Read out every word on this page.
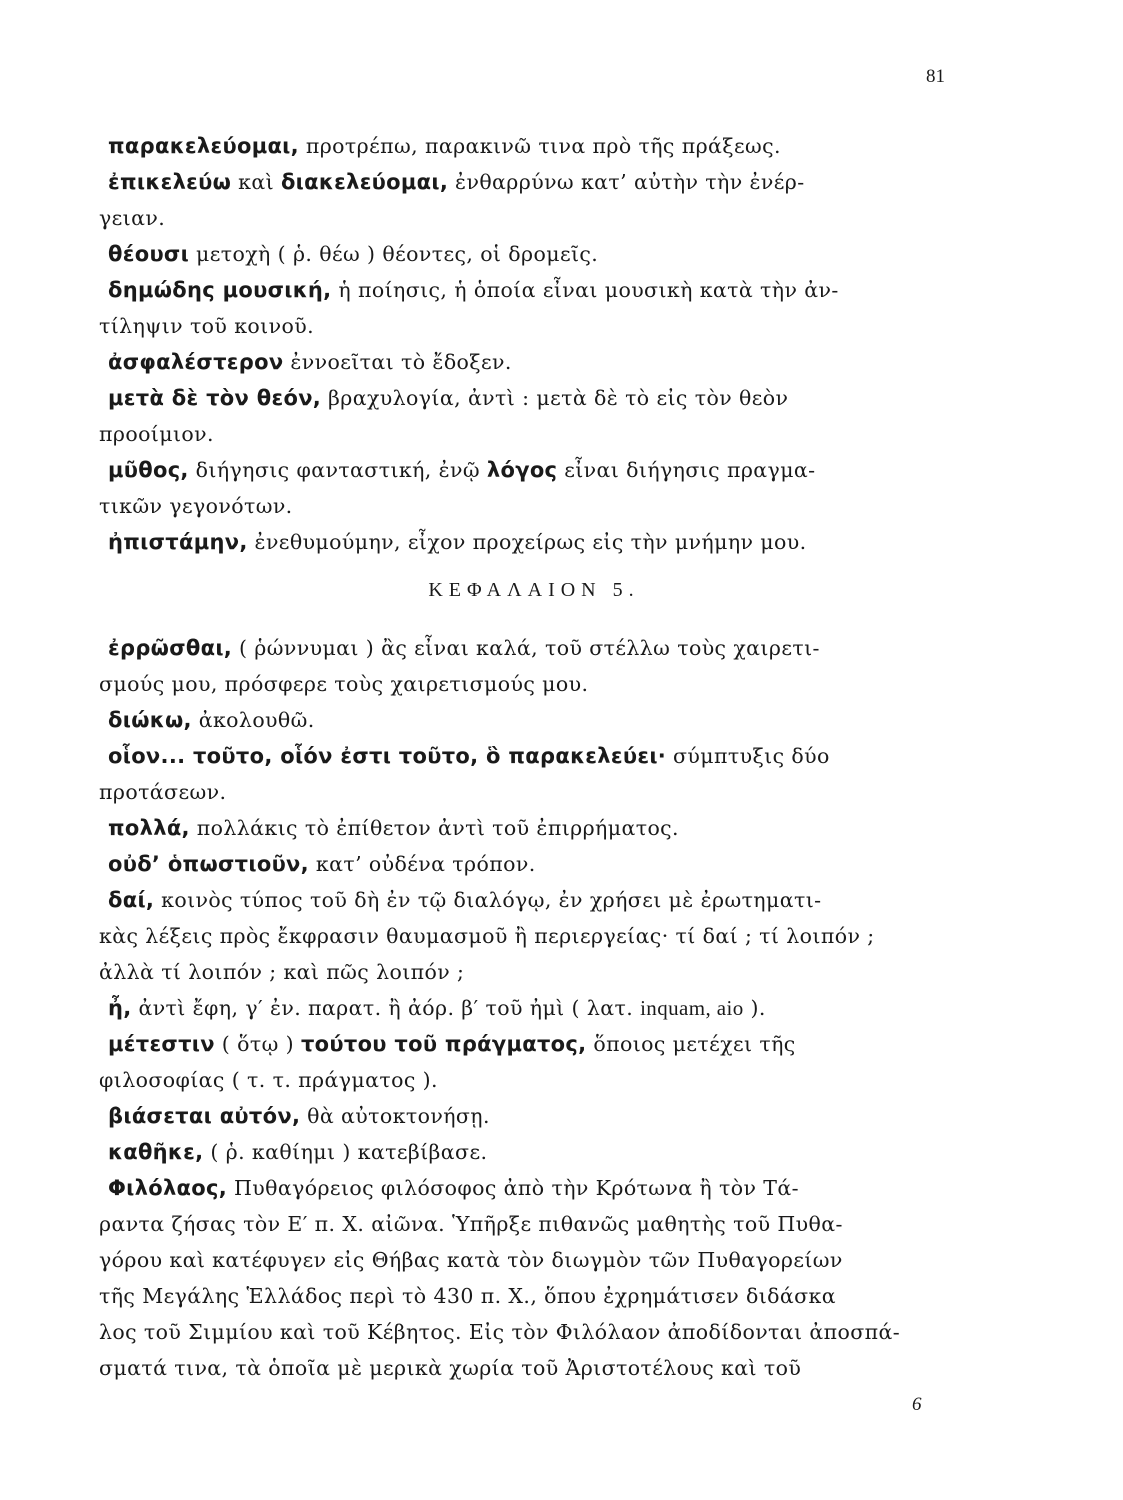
81
παρακελεύομαι, προτρέπω, παρακινῶ τινα πρὸ τῆς πράξεως.
ἐπικελεύω καὶ διακελεύομαι, ἐνθαρρύνω κατ’ αὐτὴν τὴν ἐνέρ-
γειαν.
θέουσι μετοχὴ ( ῥ. θέω ) θέοντες, οἱ δρομεῖς.
δημώδης μουσική, ἡ ποίησις, ἡ ὁποία εἶναι μουσικὴ κατὰ τὴν ἀν-
τίληψιν τοῦ κοινοῦ.
ἀσφαλέστερον ἐννοεῖται τὸ ἔδοξεν.
μετὰ δὲ τὸν θεόν, βραχυλογία, ἀντὶ : μετὰ δὲ τὸ εἰς τὸν θεὸν
προοίμιον.
μῦθος, διήγησις φανταστική, ἐνῷ λόγος εἶναι διήγησις πραγμα-
τικῶν γεγονότων.
ἠπιστάμην, ἐνεθυμούμην, εἶχον προχείρως εἰς τὴν μνήμην μου.
ΚΕΦΑΛΑΙΟΝ 5.
ἐρρῶσθαι, ( ῥώννυμαι ) ἂς εἶναι καλά, τοῦ στέλλω τοὺς χαιρετι-
σμούς μου, πρόσφερε τοὺς χαιρετισμούς μου.
διώκω, ἀκολουθῶ.
οἷον... τοῦτο, οἷόν ἐστι τοῦτο, ὃ παρακελεύει· σύμπτυξις δύο
προτάσεων.
πολλά, πολλάκις τὸ ἐπίθετον ἀντὶ τοῦ ἐπιρρήματος.
οὐδ’ ὁπωστιοῦν, κατ’ οὐδένα τρόπον.
δαί, κοινὸς τύπος τοῦ δὴ ἐν τῷ διαλόγῳ, ἐν χρήσει μὲ ἐρωτηματι-
κὰς λέξεις πρὸς ἔκφρασιν θαυμασμοῦ ἢ περιεργείας· τί δαί ; τί λοιπόν ;
ἀλλὰ τί λοιπόν ; καὶ πῶς λοιπόν ;
ἦ, ἀντὶ ἔφη, γ′ ἐν. παρατ. ἢ ἀόρ. β′ τοῦ ἠμὶ ( λατ. inquam, aio ).
μέτεστιν ( ὅτῳ ) τούτου τοῦ πράγματος, ὅποιος μετέχει τῆς
φιλοσοφίας ( τ. τ. πράγματος ).
βιάσεται αὐτόν, θὰ αὐτοκτονήσῃ.
καθῆκε, ( ῥ. καθίημι ) κατεβίβασε.
Φιλόλαος, Πυθαγόρειος φιλόσοφος ἀπὸ τὴν Κρότωνα ἢ τὸν Τά-
ραντα ζήσας τὸν Ε′ π. Χ. αἰῶνα. Ὑπῆρξε πιθανῶς μαθητὴς τοῦ Πυθα-
γόρου καὶ κατέφυγεν εἰς Θήβας κατὰ τὸν διωγμὸν τῶν Πυθαγορείων
τῆς Μεγάλης Ἑλλάδος περὶ τὸ 430 π. Χ., ὅπου ἐχρημάτισεν διδάσκα
λος τοῦ Σιμμίου καὶ τοῦ Κέβητος. Εἰς τὸν Φιλόλαον ἀποδίδονται ἀποσπά-
σματά τινα, τὰ ὁποῖα μὲ μερικὰ χωρία τοῦ Ἀριστοτέλους καὶ τοῦ
6
